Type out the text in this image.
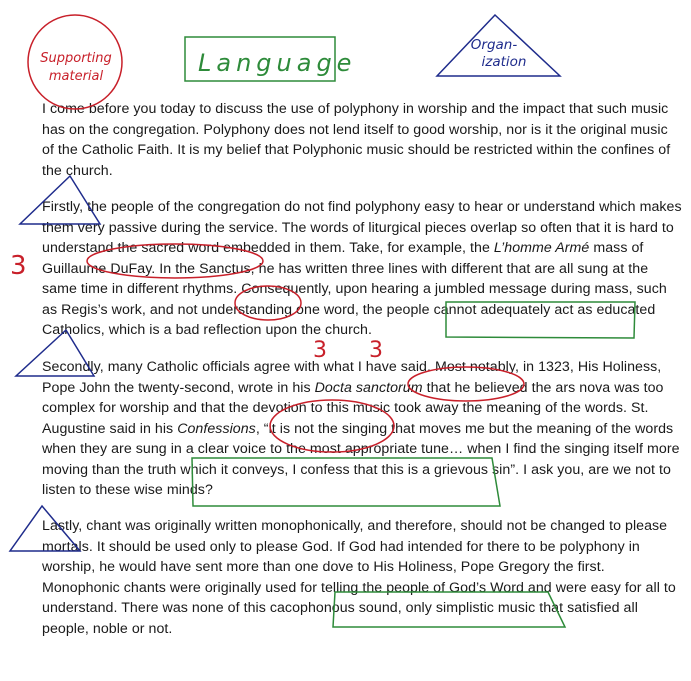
I come before you today to discuss the use of polyphony in worship and the impact that such music has on the congregation. Polyphony does not lend itself to good worship, nor is it the original music of the Catholic Faith. It is my belief that Polyphonic music should be restricted within the confines of the church.

Firstly, the people of the congregation do not find polyphony easy to hear or understand which makes them very passive during the service. The words of liturgical pieces overlap so often that it is hard to understand the sacred word embedded in them. Take, for example, the L’homme Armé mass of Guillaume DuFay. In the Sanctus, he has written three lines with different that are all sung at the same time in different rhythms. Consequently, upon hearing a jumbled message during mass, such as Regis’s work, and not understanding one word, the people cannot adequately act as educated Catholics, which is a bad reflection upon the church.

Secondly, many Catholic officials agree with what I have said. Most notably, in 1323, His Holiness, Pope John the twenty-second, wrote in his Docta sanctorum that he believed the ars nova was too complex for worship and that the devotion to this music took away the meaning of the words. St. Augustine said in his Confessions, “it is not the singing that moves me but the meaning of the words when they are sung in a clear voice to the most appropriate tune… when I find the singing itself more moving than the truth which it conveys, I confess that this is a grievous sin”. I ask you, are we not to listen to these wise minds?

Lastly, chant was originally written monophonically, and therefore, should not be changed to please mortals. It should be used only to please God. If God had intended for there to be polyphony in worship, he would have sent more than one dove to His Holiness, Pope Gregory the first. Monophonic chants were originally used for telling the people of God’s Word and were easy for all to understand. There was none of this cacophonous sound, only simplistic music that satisfied all people, noble or not.

Supporting
material	Language
Organ-
ization
3
3 3
